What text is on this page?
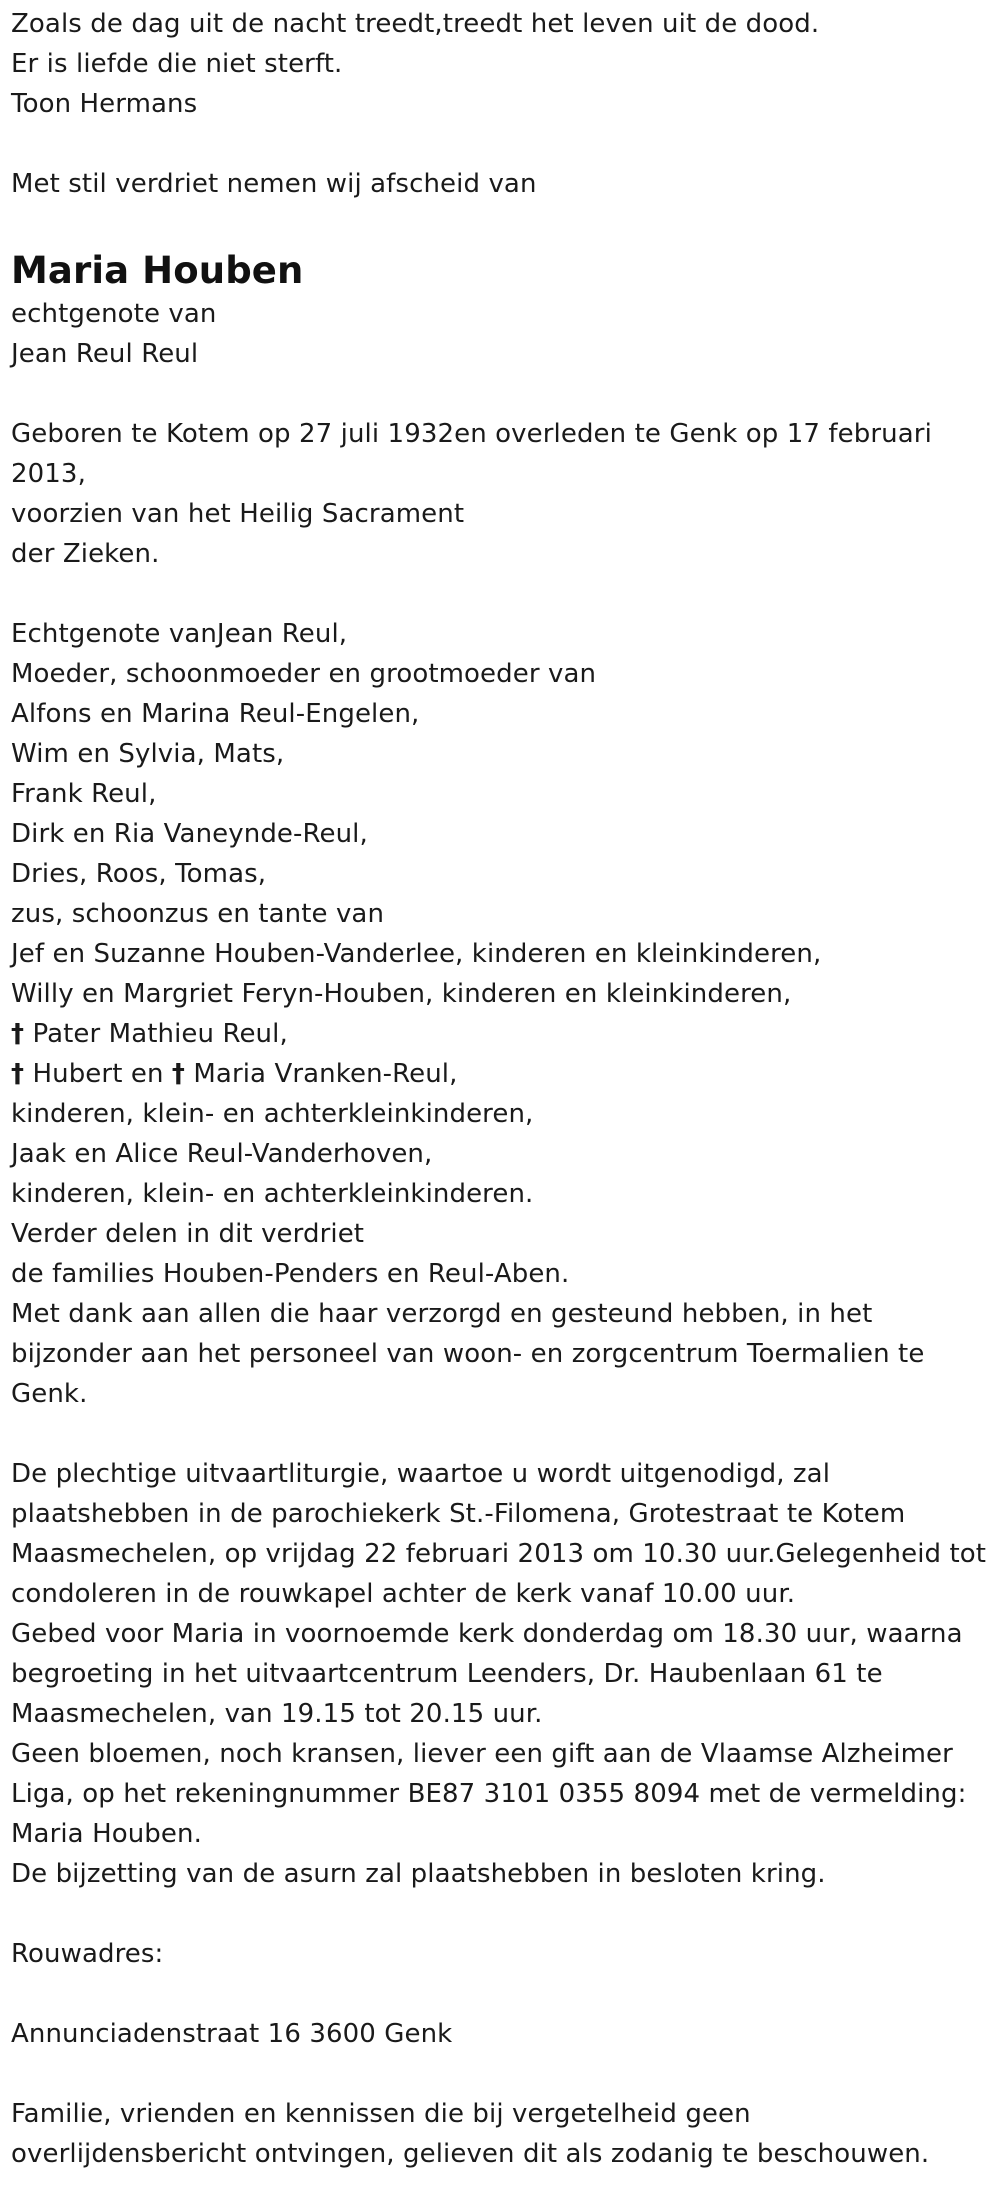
Zoals de dag uit de nacht treedt,treedt het leven uit de dood.
Er is liefde die niet sterft.
Toon Hermans
Met stil verdriet nemen wij afscheid van
Maria Houben
echtgenote van
Jean Reul Reul
Geboren te Kotem op 27 juli 1932en overleden te Genk op 17 februari 2013,
voorzien van het Heilig Sacrament
der Zieken.
Echtgenote vanJean Reul,
Moeder, schoonmoeder en grootmoeder van
Alfons en Marina Reul-Engelen,
Wim en Sylvia, Mats,
Frank Reul,
Dirk en Ria Vaneynde-Reul,
Dries, Roos, Tomas,
zus, schoonzus en tante van
Jef en Suzanne Houben-Vanderlee, kinderen en kleinkinderen,
Willy en Margriet Feryn-Houben, kinderen en kleinkinderen,
† Pater Mathieu Reul,
† Hubert en † Maria Vranken-Reul,
kinderen, klein- en achterkleinkinderen,
Jaak en Alice Reul-Vanderhoven,
kinderen, klein- en achterkleinkinderen.
Verder delen in dit verdriet
de families Houben-Penders en Reul-Aben.
Met dank aan allen die haar verzorgd en gesteund hebben, in het bijzonder aan het personeel van woon- en zorgcentrum Toermalien te Genk.
De plechtige uitvaartliturgie, waartoe u wordt uitgenodigd, zal plaatshebben in de parochiekerk St.-Filomena, Grotestraat te Kotem Maasmechelen, op vrijdag 22 februari 2013 om 10.30 uur.Gelegenheid tot condoleren in de rouwkapel achter de kerk vanaf 10.00 uur.
Gebed voor Maria in voornoemde kerk donderdag om 18.30 uur, waarna begroeting in het uitvaartcentrum Leenders, Dr. Haubenlaan 61 te Maasmechelen, van 19.15 tot 20.15 uur.
Geen bloemen, noch kransen, liever een gift aan de Vlaamse Alzheimer Liga, op het rekeningnummer BE87 3101 0355 8094 met de vermelding: Maria Houben.
De bijzetting van de asurn zal plaatshebben in besloten kring.
Rouwadres:
Annunciadenstraat 16 3600 Genk
Familie, vrienden en kennissen die bij vergetelheid geen overlijdensbericht ontvingen, gelieven dit als zodanig te beschouwen.
